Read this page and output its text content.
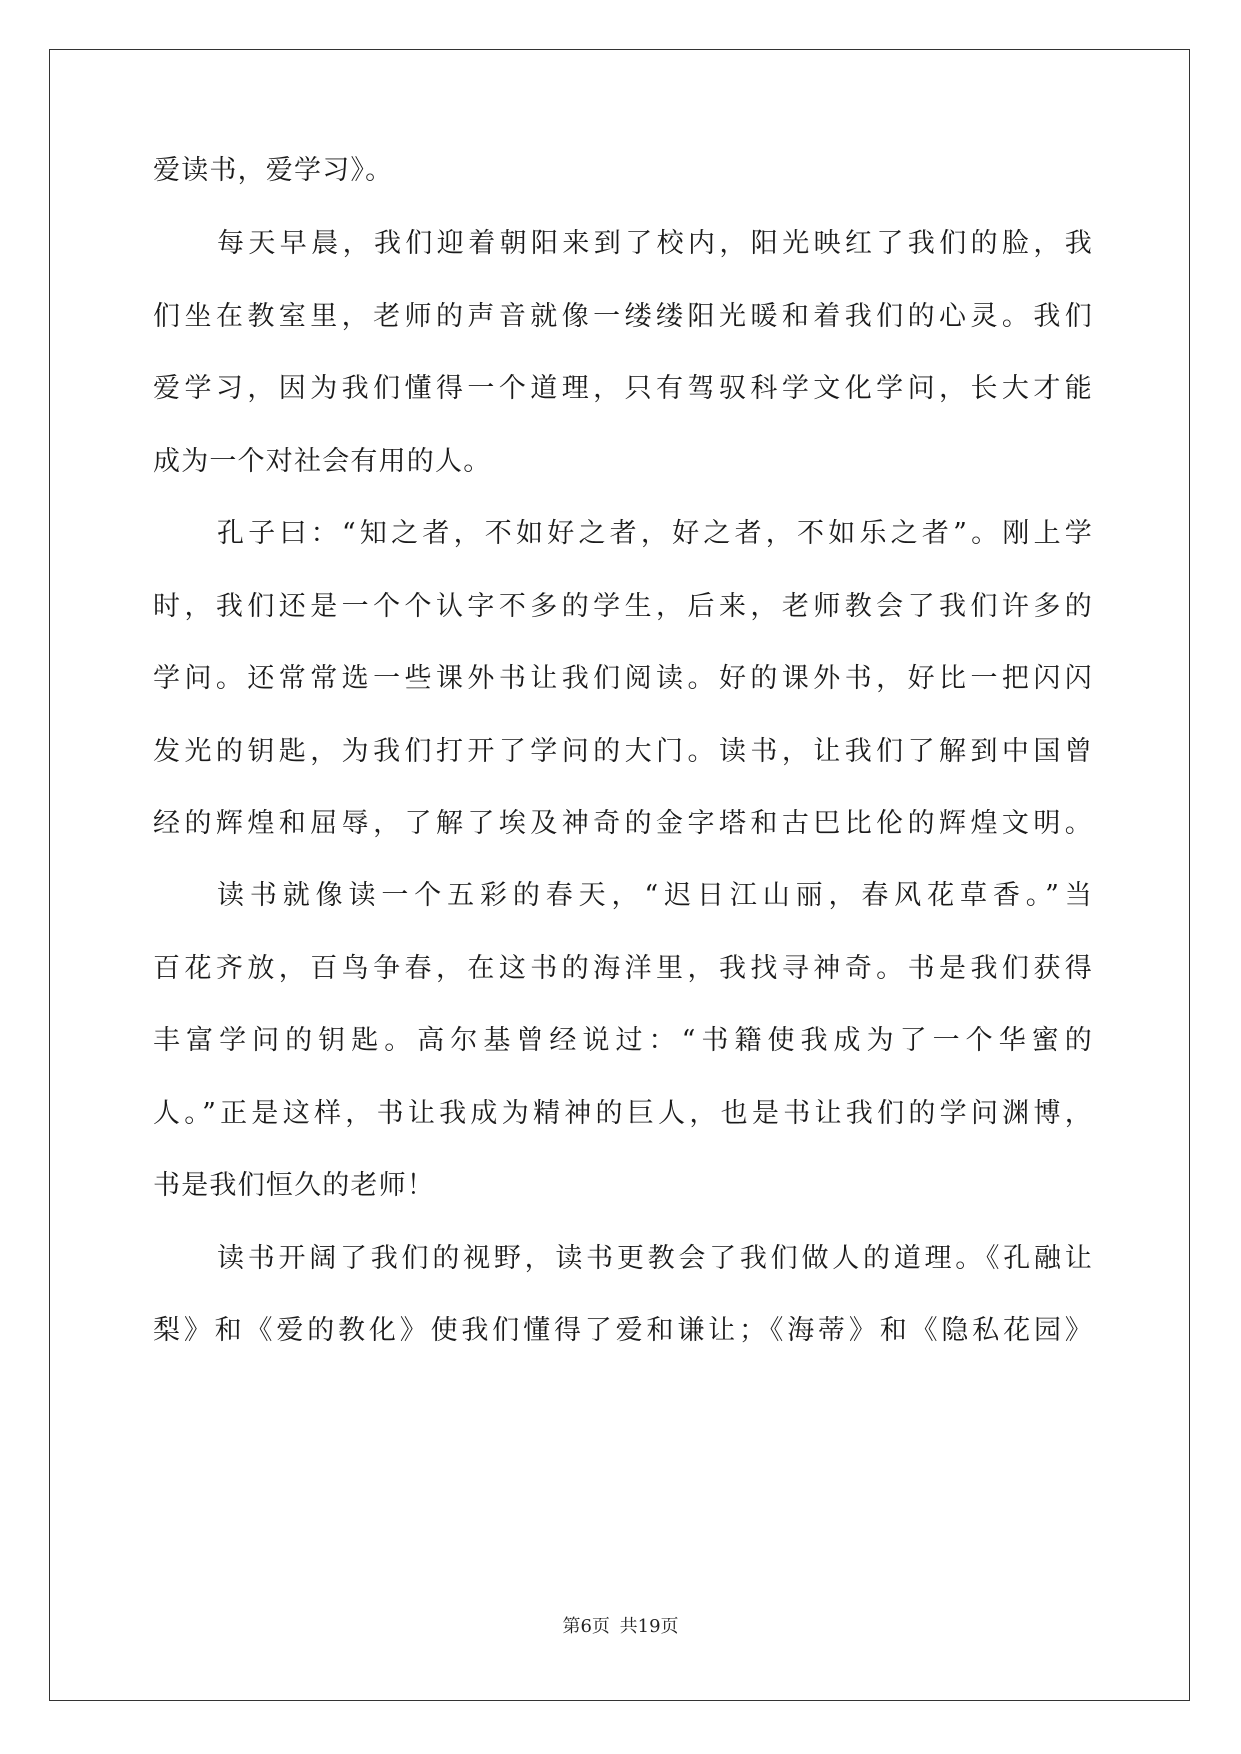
爱读书，爱学习》。
每天早晨，我们迎着朝阳来到了校内，阳光映红了我们的脸，我
们坐在教室里，老师的声音就像一缕缕阳光暖和着我们的心灵。我们
爱学习，因为我们懂得一个道理，只有驾驭科学文化学问，长大才能
成为一个对社会有用的人。
孔子曰：“知之者，不如好之者，好之者，不如乐之者”。刚上学
时，我们还是一个个认字不多的学生，后来，老师教会了我们许多的
学问。还常常选一些课外书让我们阅读。好的课外书，好比一把闪闪
发光的钥匙，为我们打开了学问的大门。读书，让我们了解到中国曾
经的辉煌和屈辱，了解了埃及神奇的金字塔和古巴比伦的辉煌文明。
读书就像读一个五彩的春天，“迟日江山丽，春风花草香。”当
百花齐放，百鸟争春，在这书的海洋里，我找寻神奇。书是我们获得
丰富学问的钥匙。高尔基曾经说过：“书籍使我成为了一个华蜜的
人。”正是这样，书让我成为精神的巨人，也是书让我们的学问渊博，
书是我们恒久的老师！
读书开阔了我们的视野，读书更教会了我们做人的道理。《孔融让
梨》和《爱的教化》使我们懂得了爱和谦让；《海蒂》和《隐私花园》
第6页 共19页
